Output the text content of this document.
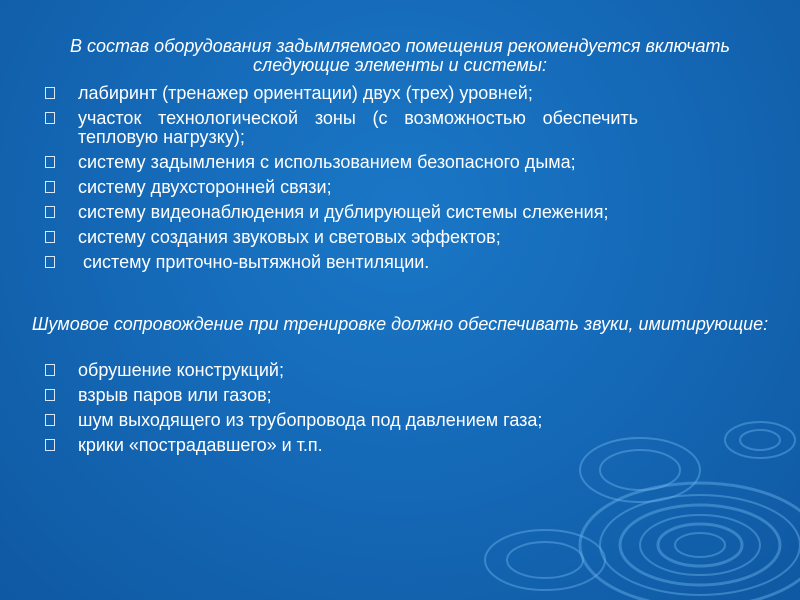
В состав оборудования задымляемого помещения рекомендуется включать следующие элементы и системы:
лабиринт (тренажер ориентации) двух (трех) уровней;
участок технологической зоны (с возможностью обеспечить тепловую нагрузку);
систему задымления с использованием безопасного дыма;
систему двухсторонней связи;
систему видеонаблюдения и дублирующей системы слежения;
систему создания звуковых и световых эффектов;
систему приточно-вытяжной вентиляции.
Шумовое сопровождение при тренировке должно обеспечивать звуки, имитирующие:
обрушение конструкций;
взрыв паров или газов;
шум выходящего из трубопровода под давлением газа;
крики «пострадавшего» и т.п.
